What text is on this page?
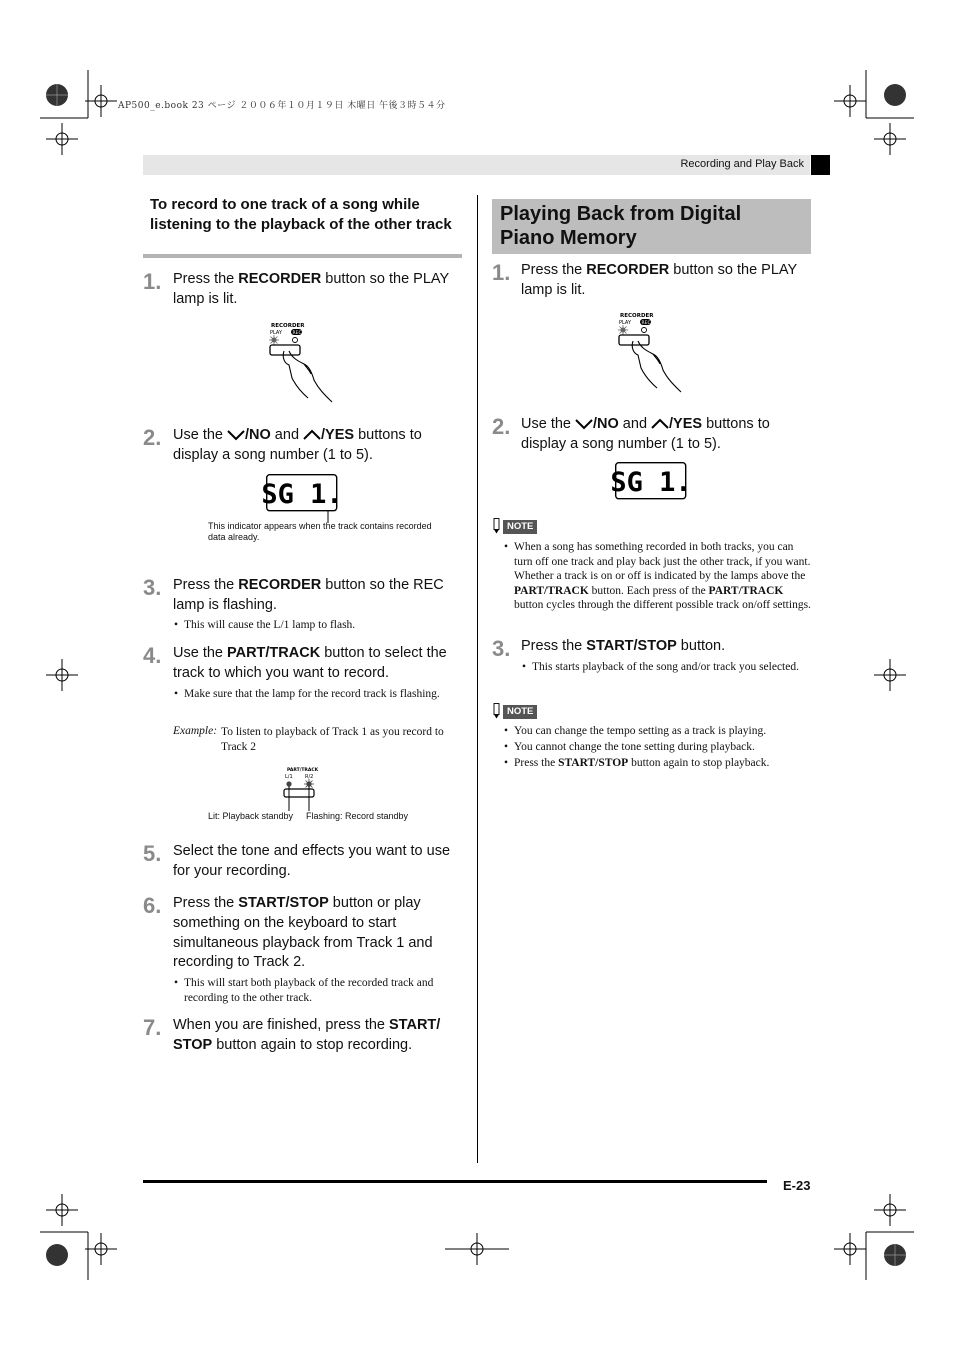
AP500_e.book 23 ページ ２００６年１０月１９日 木曜日 午後３時５４分
Recording and Play Back
To record to one track of a song while listening to the playback of the other track
1. Press the RECORDER button so the PLAY lamp is lit.
RECORDER
PLAY REC
2. Use the /NO and /YES buttons to display a song number (1 to 5).
SG 1.
This indicator appears when the track contains recorded data already.
3. Press the RECORDER button so the REC lamp is flashing.
• This will cause the L/1 lamp to flash.
4. Use the PART/TRACK button to select the track to which you want to record.
• Make sure that the lamp for the record track is flashing.
Example: To listen to playback of Track 1 as you record to Track 2
PART/TRACK
L/1 R/2
Lit: Playback standby Flashing: Record standby
5. Select the tone and effects you want to use for your recording.
6. Press the START/STOP button or play something on the keyboard to start simultaneous playback from Track 1 and recording to Track 2.
• This will start both playback of the recorded track and recording to the other track.
7. When you are finished, press the START/ STOP button again to stop recording.
Playing Back from Digital Piano Memory
1. Press the RECORDER button so the PLAY lamp is lit.
RECORDER
PLAY REC
2. Use the /NO and /YES buttons to display a song number (1 to 5).
SG 1.
NOTE
• When a song has something recorded in both tracks, you can turn off one track and play back just the other track, if you want. Whether a track is on or off is indicated by the lamps above the PART/TRACK button. Each press of the PART/TRACK button cycles through the different possible track on/off settings.
3. Press the START/STOP button.
• This starts playback of the song and/or track you selected.
NOTE
• You can change the tempo setting as a track is playing.
• You cannot change the tone setting during playback.
• Press the START/STOP button again to stop playback.
E-23
